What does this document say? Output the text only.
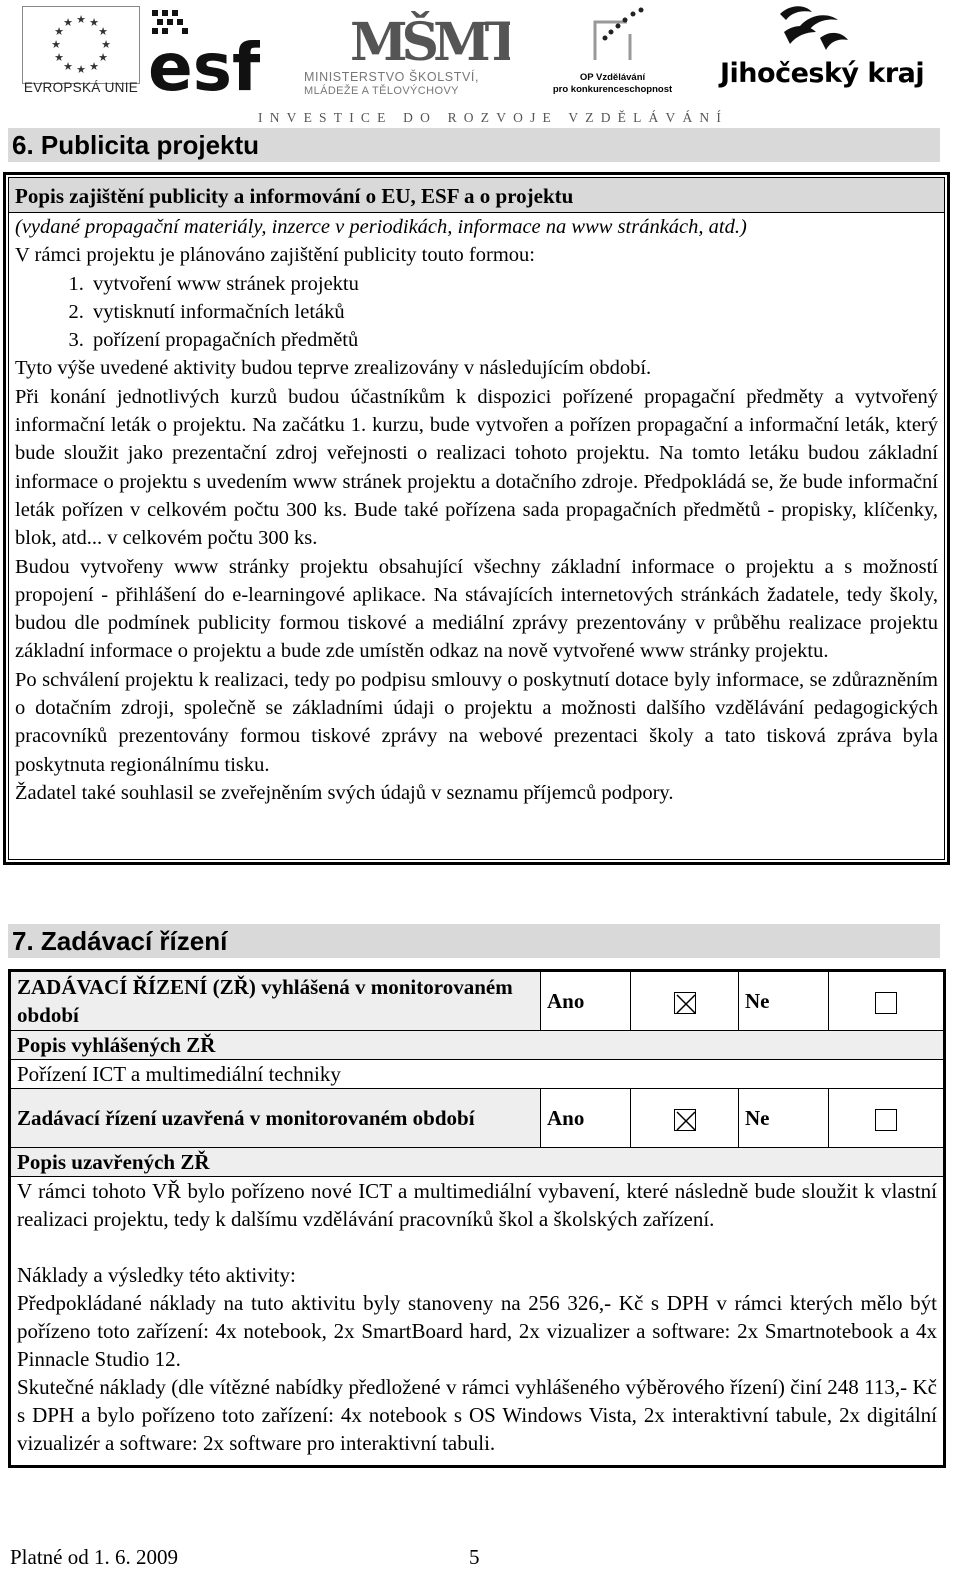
★ ★
★
★
★
★
★
★
★
★
★
★
EVROPSKÁ UNIE esf MŠMT
MINISTERSTVO ŠKOLSTVÍ,
MLÁDEŽE A TĚLOVÝCHOVY
OP Vzdělávání
pro konkurenceschopnost
Jihočeský kraj
INVESTICE DO ROZVOJE VZDĚLÁVÁNÍ
6. Publicita projektu
Popis zajištění publicity a informování o EU, ESF a o projektu

(vydané propagační materiály, inzerce v periodikách, informace na www stránkách, atd.)

V rámci projektu je plánováno zajištění publicity touto formou:

1. vytvoření www stránek projektu
2. vytisknutí informačních letáků
3. pořízení propagačních předmětů

Tyto výše uvedené aktivity budou teprve zrealizovány v následujícím období.

Při konání jednotlivých kurzů budou účastníkům k dispozici pořízené propagační předměty a vytvořený informační leták o projektu. Na začátku 1. kurzu, bude vytvořen a pořízen propagační a informační leták, který bude sloužit jako prezentační zdroj veřejnosti o realizaci tohoto projektu. Na tomto letáku budou základní informace o projektu s uvedením www stránek projektu a dotačního zdroje. Předpokládá se, že bude informační leták pořízen v celkovém počtu 300 ks. Bude také pořízena sada propagačních předmětů - propisky, klíčenky, blok, atd... v celkovém počtu 300 ks.

Budou vytvořeny www stránky projektu obsahující všechny základní informace o projektu a s možností propojení - přihlášení do e-learningové aplikace. Na stávajících internetových stránkách žadatele, tedy školy, budou dle podmínek publicity formou tiskové a mediální zprávy prezentovány v průběhu realizace projektu základní informace o projektu a bude zde umístěn odkaz na nově vytvořené www stránky projektu.

Po schválení projektu k realizaci, tedy po podpisu smlouvy o poskytnutí dotace byly informace, se zdůrazněním o dotačním zdroji, společně se základními údaji o projektu a možnosti dalšího vzdělávání pedagogických pracovníků prezentovány formou tiskové zprávy na webové prezentaci školy a tato tisková zpráva byla poskytnuta regionálnímu tisku.

Žadatel také souhlasil se zveřejněním svých údajů v seznamu příjemců podpory.

7. Zadávací řízení
ZADÁVACÍ ŘÍZENÍ (ZŘ) vyhlášená v monitorovaném období	Ano		Ne	
Popis vyhlášených ZŘ				
Pořízení ICT a multimediální techniky				
Zadávací řízení uzavřená v monitorovaném období	Ano		Ne	
Popis uzavřených ZŘ				

V rámci tohoto VŘ bylo pořízeno nové ICT a multimediální vybavení, které následně bude sloužit k vlastní realizaci projektu, tedy k dalšímu vzdělávání pracovníků škol a školských zařízení.

Náklady a výsledky této aktivity:

Předpokládané náklady na tuto aktivitu byly stanoveny na 256 326,- Kč s DPH v rámci kterých mělo být pořízeno toto zařízení: 4x notebook, 2x SmartBoard hard, 2x vizualizer a software: 2x Smartnotebook a 4x Pinnacle Studio 12.

Skutečné náklady (dle vítězné nabídky předložené v rámci vyhlášeného výběrového řízení) činí 248 113,- Kč s DPH a bylo pořízeno toto zařízení: 4x notebook s OS Windows Vista, 2x interaktivní tabule, 2x digitální vizualizér a software: 2x software pro interaktivní tabuli.				

Platné od 1. 6. 2009	5
